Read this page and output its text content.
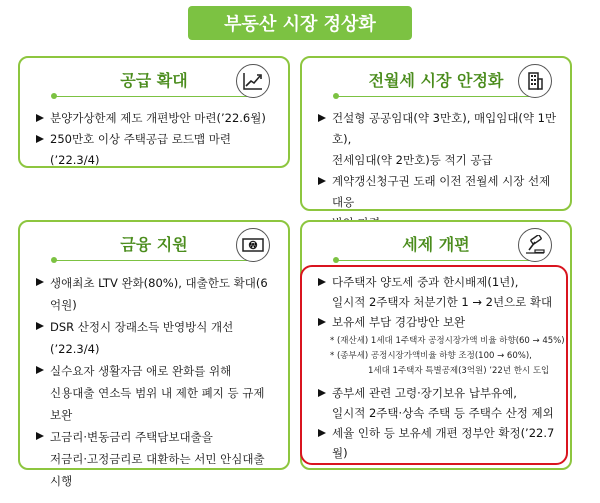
부동산 시장 정상화
공급 확대
분양가상한제 제도 개편방안 마련(’22.6월)
250만호 이상 주택공급 로드맵 마련(’22.3/4)
전월세 시장 안정화
건설형 공공임대(약 3만호), 매입임대(약 1만호),
전세임대(약 2만호)등 적기 공급
계약갱신청구권 도래 이전 전월세 시장 선제 대응
금융 지원	₩
생애최초 LTV 완화(80%), 대출한도 확대(6억원)
DSR 산정시 장래소득 반영방식 개선(’22.3/4)
실수요자 생활자금 애로 완화를 위해
신용대출 연소득 범위 내 제한 폐지 등 규제 보완
고금리·변동금리 주택담보대출을
저금리·고정금리로 대환하는 서민 안심대출 시행
세제 개편
다주택자 양도세 중과 한시배제(1년),
일시적 2주택자 처분기한 1 → 2년으로 확대
보유세 부담 경감방안 보완
* (재산세) 1세대 1주택자 공정시장가액 비율 하향(60 → 45%)
* (종부세) 공정시장가액비율 하향 조정(100 → 60%),
1세대 1주택자 특별공제(3억원) ’22년 한시 도입
종부세 관련 고령·장기보유 납부유예,
일시적 2주택·상속 주택 등 주택수 산정 제외
세율 인하 등 보유세 개편 정부안 확정(’22.7월)
